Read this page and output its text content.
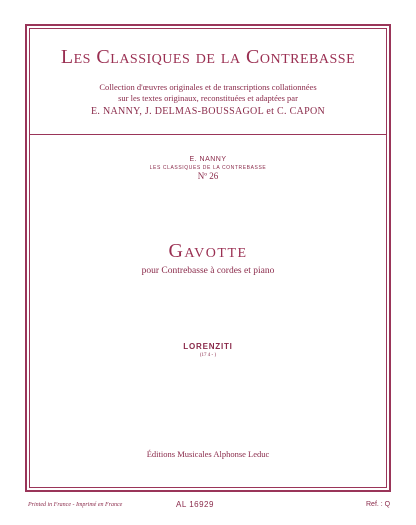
Les Classiques de la Contrebasse
Collection d'œuvres originales et de transcriptions collationnées
sur les textes originaux, reconstituées et adaptées par
E. NANNY, J. DELMAS-BOUSSAGOL et C. CAPON
E. NANNY
LES CLASSIQUES DE LA CONTREBASSE
Nº 26
Gavotte
pour Contrebasse à cordes et piano
LORENZITI
(17 4 - )
Éditions Musicales Alphonse Leduc
Printed in France - Imprimé en France	AL 16929	Ref. : Q
